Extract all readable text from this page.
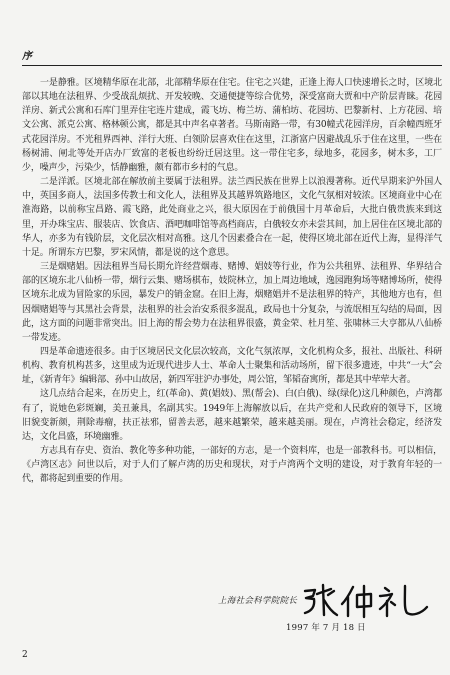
序

一是静雅。区境精华原在北部，北部精华原在住宅。住宅之兴建，正逢上海人口快速增长之时，区境北部以其地在法租界、少受战乱烦扰、开发较晚、交通便捷等综合优势，深受富商大贾和中产阶层青睐。花园洋房、新式公寓和石库门里弄住宅连片建成，霞飞坊、梅兰坊、蒲柏坊、花园坊、巴黎新村、上方花园、培文公寓、派克公寓、格林顿公寓，都是其中声名卓著者。马斯南路一带，有30幢式花园洋房，百余幢西班牙式花园洋房。不光租界西神、洋行大班、白领阶层喜欢住在这里，江浙富户因避战乱乐于住在这里，一些在杨树浦、闸北等处开店办厂致富的老板也纷纷迁居这里。这一带住宅多，绿地多，花园多，树木多，工厂少，噪声少，污染少，恬静幽雅，颇有都市乡村的气息。

二是洋派。区境北部在解放前主要属于法租界。法兰西民族在世界上以浪漫著称。近代早期来沪外国人中，英国多商人，法国多传教士和文化人，法租界及其越界筑路地区，文化气氛相对较浓。区境商业中心在淮海路，以前称宝昌路、霞飞路，此处商业之兴，很大原因在于前俄国十月革命后，大批白俄贵族来到这里，开办珠宝店、服装店、饮食店、酒吧咖啡馆等高档商店，白俄较女亦未尝其间，加上居住在区境北部的华人，亦多为有钱阶层，文化层次相对高雅。这几个因素叠合在一起，使得区境北部在近代上海，显得洋气十足。所谓东方巴黎，罗宋风情，都是说的这个意思。

三是烟赌娼。因法租界当局长期允许经营烟毒、赌博、娼妓等行业，作为公共租界、法租界、华界结合部的区境东北八仙桥一带，烟行云集、赌场棋布，妓院林立，加上周边地域，逸园跑狗场等赌博场所，使得区境东北成为冒险家的乐园，暴发户的销金窟。在旧上海，烟赌娼并不是法租界的特产，其他地方也有，但因烟赌娼等与其黑社会背景，法租界的社会治安系很多混乱，政局也十分复杂，与流氓相互勾结的局面，因此，这方面的问题非常突出。旧上海的帮会势力在法租界很盛，黄金荣、杜月笙、张啸林三大亨都从八仙桥一带发迹。

四是革命遗迹很多。由于区境居民文化层次较高，文化气氛浓厚，文化机构众多，报社、出版社、科研机构、教育机构甚多，这里成为近现代进步人士、革命人士聚集和活动场所，留下很多遗迹，中共“一大”会址，《新青年》编辑部、孙中山故居，新四军驻沪办事处，周公馆，邹韬奋寓所，都是其中荦荦大者。

这几点结合起来，在历史上，红(革命)、黄(娼妓)、黑(帮会)、白(白俄)、绿(绿化)这几种颜色，卢湾都有了，说她色彩斑斓，美丑兼具，名副其实。1949年上海解放以后，在共产党和人民政府的领导下，区境旧貌变新颜，荆除毒瘤，扶正祛邪，留善去恶，越来越繁荣，越来越美丽。现在，卢湾社会稳定，经济发达，文化昌盛，环境幽雅。

方志具有存史、资治、教化等多种功能，一部好的方志，是一个资料库，也是一部教科书。可以相信，《卢湾区志》问世以后，对于人们了解卢湾的历史和现状，对于卢湾两个文明的建设，对于教育年轻的一代，都将起到重要的作用。

上海社会科学院院长
1997 年 7 月 18 日
2
